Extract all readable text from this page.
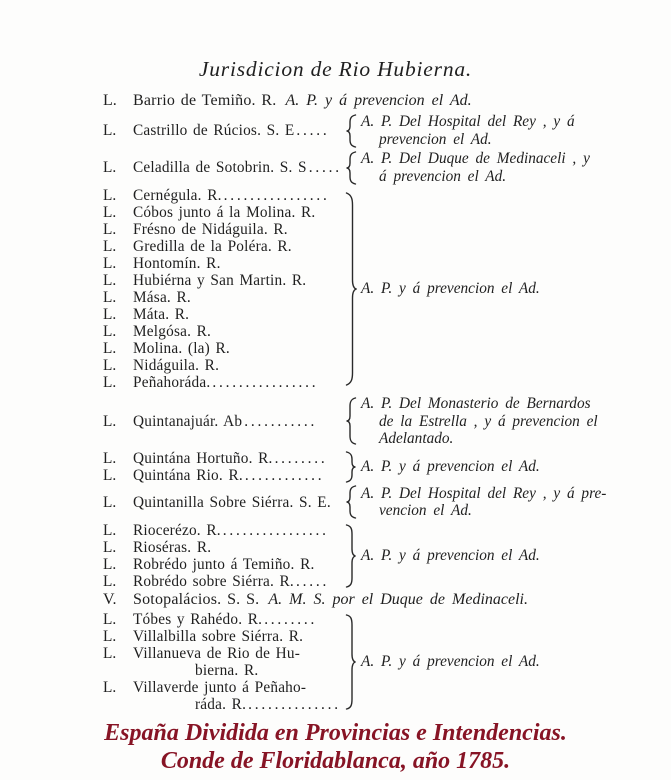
Jurisdicion de Rio Hubierna.
L.	Barrio de Temiño. R. A. P. y á prevencion el Ad.
L.	Castrillo de Rúcios. S. E .....
A. P. Del Hospital del Rey , y á
prevencion el Ad.
L.	Celadilla de Sotobrin. S. S .....
A. P. Del Duque de Medinaceli , y
á prevencion el Ad.
L.	Cernégula. R. ................
L.	Cóbos junto á la Molina. R.
L.	Frésno de Nidáguila. R.
L.	Gredilla de la Poléra. R.
L.	Hontomín. R.
L.	Hubiérna y San Martin. R.
L.	Mása. R.
L.	Máta. R.
L.	Melgósa. R.
L.	Molina. (la) R.
L.	Nidáguila. R.
L.	Peñahoráda. ................
A. P. y á prevencion el Ad.
L.	Quintanajuár. Ab ...........
A. P. Del Monasterio de Bernardos
de la Estrella , y á prevencion el
Adelantado.
L.	Quintána Hortuño. R. ........
L.	Quintána Rio. R. ............
A. P. y á prevencion el Ad.
L.	Quintanilla Sobre Siérra. S. E.
A. P. Del Hospital del Rey , y á pre-
vencion el Ad.
L.	Riocerézo. R. ................
L.	Rioséras. R.
L.	Robrédo junto á Temiño. R.
L.	Robrédo sobre Siérra. R. .....
A. P. y á prevencion el Ad.
V.	Sotopalácios. S. S. A. M. S. por el Duque de Medinaceli.
L.	Tóbes y Rahédo. R. ........
L.	Villalbilla sobre Siérra. R.
L.	Villanueva de Rio de Hu-
bierna. R.
L.	Villaverde junto á Peñaho-
ráda. R. ..............
A. P. y á prevencion el Ad.
España Dividida en Provincias e Intendencias.
Conde de Floridablanca, año 1785.
